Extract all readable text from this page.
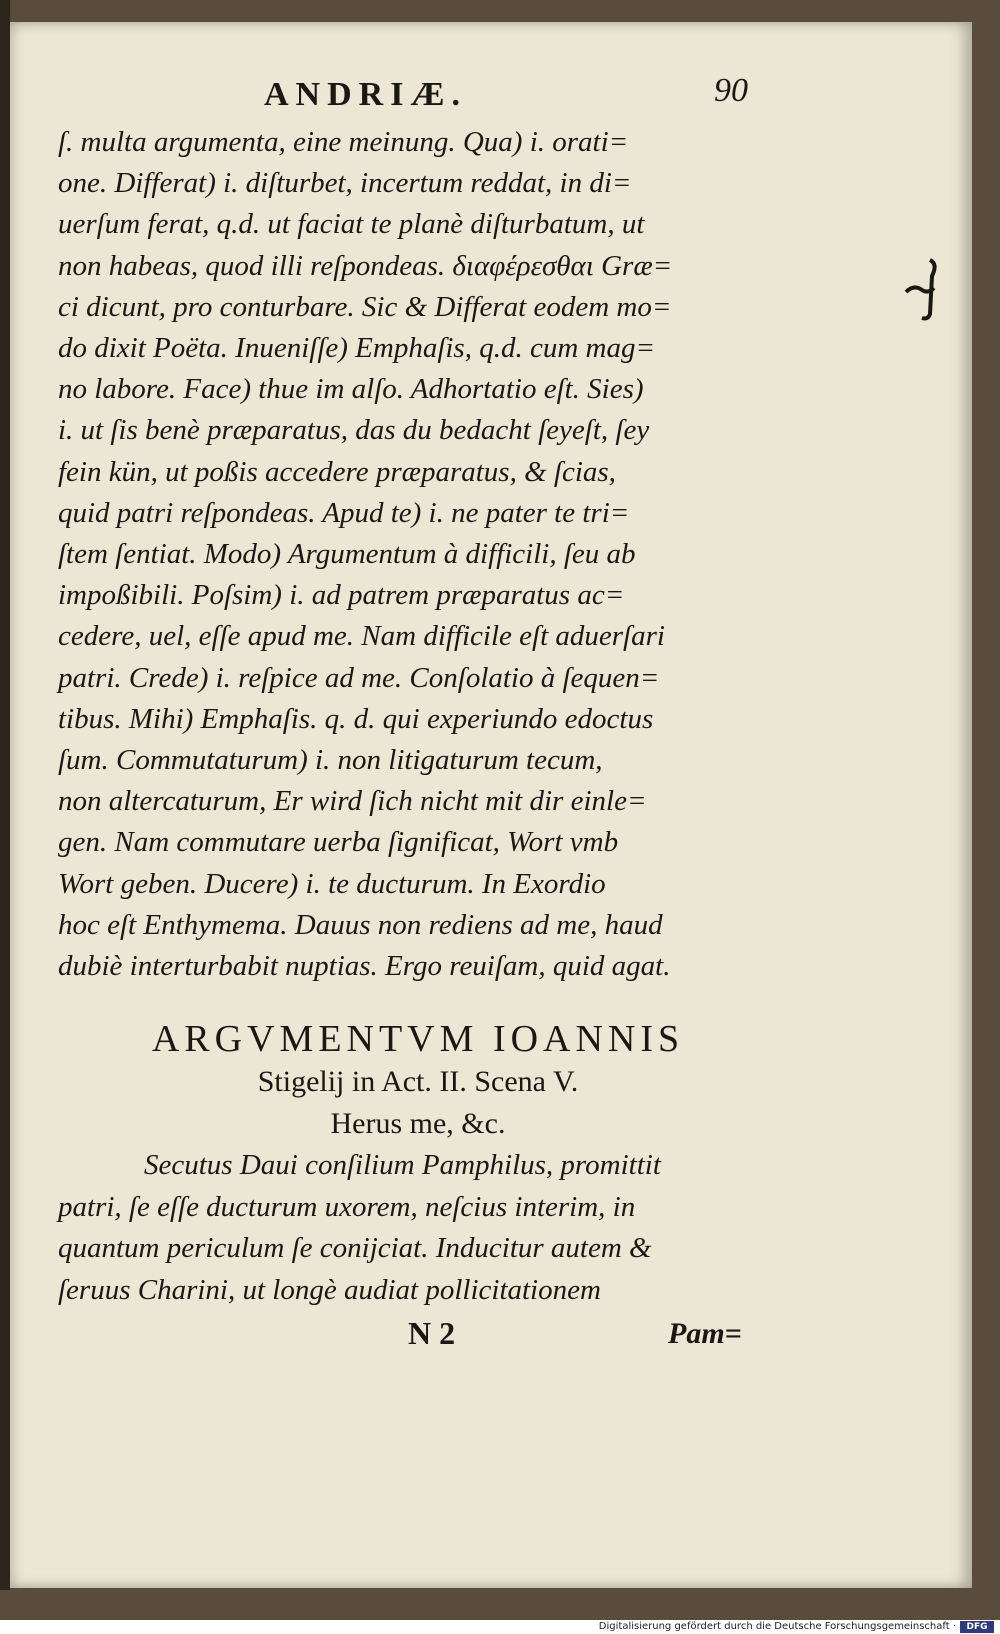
ANDRIÆ.	90

ſ. multa argumenta, eine meinung. Qua) i. orati=

one. Differat) i. diſturbet, incertum reddat, in di=

uerſum ferat, q.d. ut faciat te planè diſturbatum, ut

non habeas, quod illi reſpondeas. διαφέρεσθαι Græ=

ci dicunt, pro conturbare. Sic & Differat eodem mo=

do dixit Poëta. Inueniſſe) Emphaſis, q.d. cum mag=

no labore. Face) thue im alſo. Adhortatio eſt. Sies)

i. ut ſis benè præparatus, das du bedacht ſeyeſt, ſey

fein kün, ut poßis accedere præparatus, & ſcias,

quid patri reſpondeas. Apud te) i. ne pater te tri=

ſtem ſentiat. Modo) Argumentum à difficili, ſeu ab

impoßibili. Poſsim) i. ad patrem præparatus ac=

cedere, uel, eſſe apud me. Nam difficile eſt aduerſari

patri. Crede) i. reſpice ad me. Conſolatio à ſequen=

tibus. Mihi) Emphaſis. q. d. qui experiundo edoctus

ſum. Commutaturum) i. non litigaturum tecum,

non altercaturum, Er wird ſich nicht mit dir einle=

gen. Nam commutare uerba ſignificat, Wort vmb

Wort geben. Ducere) i. te ducturum. In Exordio

hoc eſt Enthymema. Dauus non rediens ad me, haud

dubiè interturbabit nuptias. Ergo reuiſam, quid agat.

ARGVMENTVM IOANNIS
Stigelij in Act. II. Scena V.
Herus me, &c.

Secutus Daui conſilium Pamphilus, promittit

patri, ſe eſſe ducturum uxorem, neſcius interim, in

quantum periculum ſe conijciat. Inducitur autem &

ſeruus Charini, ut longè audiat pollicitationem

N 2	Pam=
Digitalisierung gefördert durch die Deutsche Forschungsgemeinschaft ·	DFG
